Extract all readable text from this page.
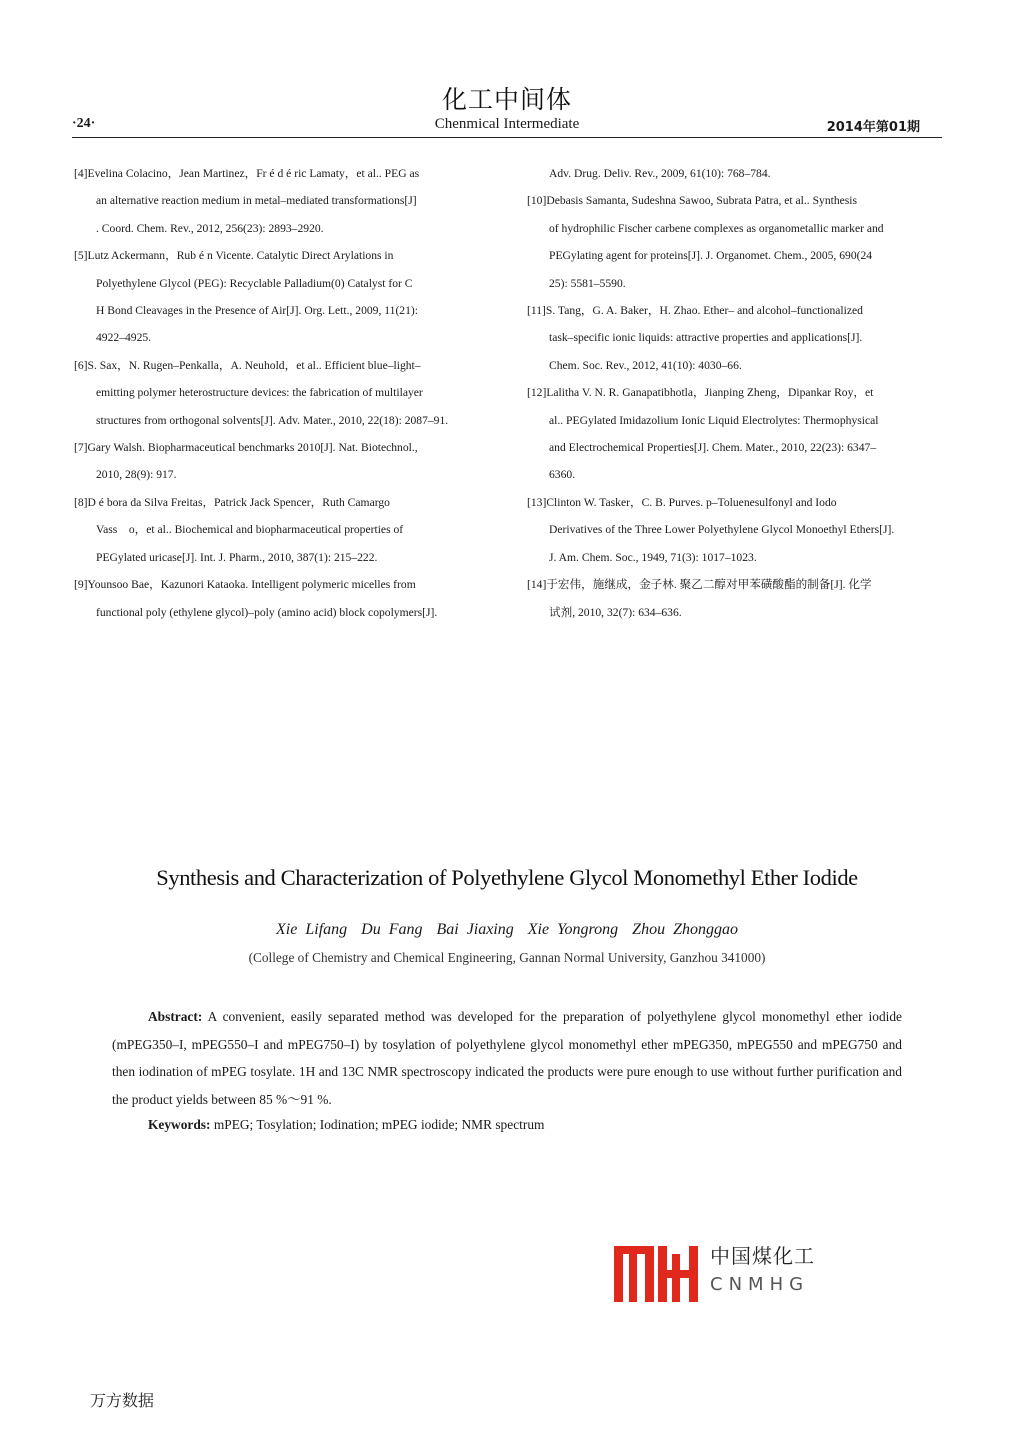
化工中间体
·24·	Chenmical Intermediate	2014年第01期
[4]Evelina Colacino，Jean Martinez，Fr é d é ric Lamaty，et al.. PEG as
an alternative reaction medium in metal–mediated transformations[J]
. Coord. Chem. Rev., 2012, 256(23): 2893–2920.
[5]Lutz Ackermann，Rub é n Vicente. Catalytic Direct Arylations in
Polyethylene Glycol (PEG): Recyclable Palladium(0) Catalyst for C
H Bond Cleavages in the Presence of Air[J]. Org. Lett., 2009, 11(21):
4922–4925.
[6]S. Sax，N. Rugen–Penkalla，A. Neuhold，et al.. Efficient blue–light–
emitting polymer heterostructure devices: the fabrication of multilayer
structures from orthogonal solvents[J]. Adv. Mater., 2010, 22(18): 2087–91.
[7]Gary Walsh. Biopharmaceutical benchmarks 2010[J]. Nat. Biotechnol.,
2010, 28(9): 917.
[8]D é bora da Silva Freitas，Patrick Jack Spencer，Ruth Camargo
Vass　o，et al.. Biochemical and biopharmaceutical properties of
PEGylated uricase[J]. Int. J. Pharm., 2010, 387(1): 215–222.
[9]Younsoo Bae，Kazunori Kataoka. Intelligent polymeric micelles from
functional poly (ethylene glycol)–poly (amino acid) block copolymers[J].
Adv. Drug. Deliv. Rev., 2009, 61(10): 768–784.
[10]Debasis Samanta, Sudeshna Sawoo, Subrata Patra, et al.. Synthesis
of hydrophilic Fischer carbene complexes as organometallic marker and
PEGylating agent for proteins[J]. J. Organomet. Chem., 2005, 690(24
25): 5581–5590.
[11]S. Tang，G. A. Baker，H. Zhao. Ether– and alcohol–functionalized
task–specific ionic liquids: attractive properties and applications[J].
Chem. Soc. Rev., 2012, 41(10): 4030–66.
[12]Lalitha V. N. R. Ganapatibhotla，Jianping Zheng，Dipankar Roy，et
al.. PEGylated Imidazolium Ionic Liquid Electrolytes: Thermophysical
and Electrochemical Properties[J]. Chem. Mater., 2010, 22(23): 6347–
6360.
[13]Clinton W. Tasker，C. B. Purves. p–Toluenesulfonyl and Iodo
Derivatives of the Three Lower Polyethylene Glycol Monoethyl Ethers[J].
J. Am. Chem. Soc., 1949, 71(3): 1017–1023.
[14]于宏伟，施继成，金子林. 聚乙二醇对甲苯磺酸酯的制备[J]. 化学
试剂, 2010, 32(7): 634–636.
Synthesis and Characterization of Polyethylene Glycol Monomethyl Ether Iodide
Xie Lifang Du Fang Bai Jiaxing Xie Yongrong Zhou Zhonggao
(College of Chemistry and Chemical Engineering, Gannan Normal University, Ganzhou 341000)

Abstract: A convenient, easily separated method was developed for the preparation of polyethylene glycol monomethyl ether iodide (mPEG350–I, mPEG550–I and mPEG750–I) by tosylation of polyethylene glycol monomethyl ether mPEG350, mPEG550 and mPEG750 and then iodination of mPEG tosylate. 1H and 13C NMR spectroscopy indicated the products were pure enough to use without further purification and the product yields between 85 %～91 %.

Keywords: mPEG; Tosylation; Iodination; mPEG iodide; NMR spectrum
中国煤化工
CNMHG
万方数据
